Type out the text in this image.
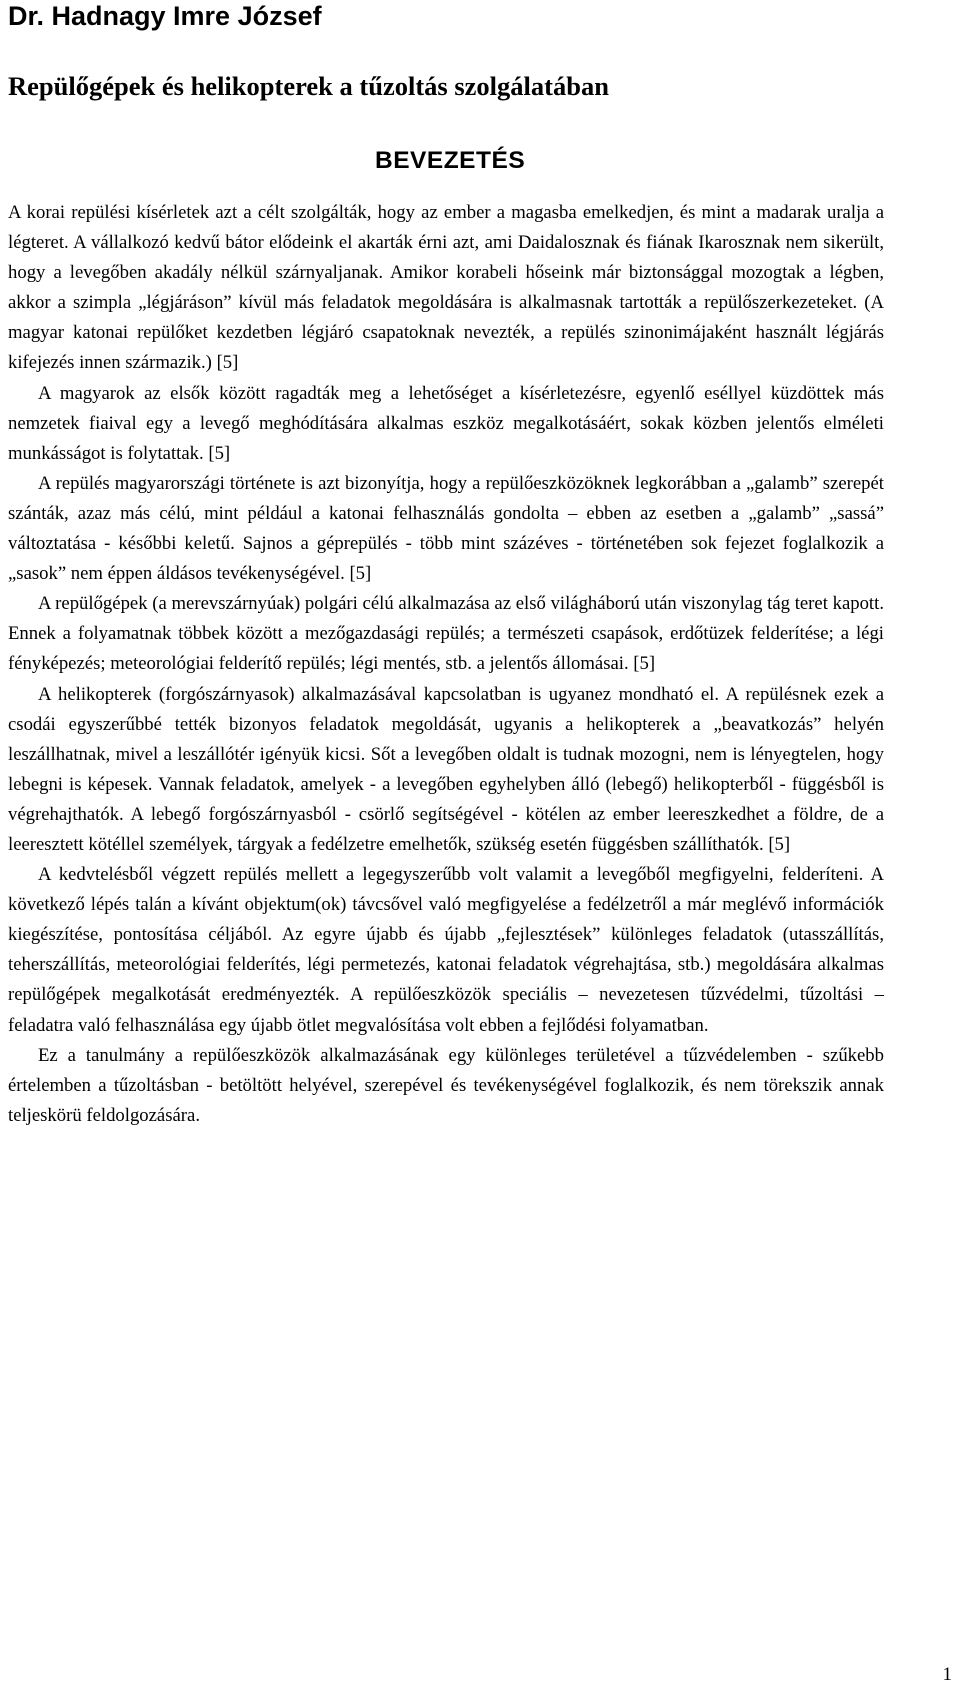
Dr. Hadnagy Imre József
Repülőgépek és helikopterek a tűzoltás szolgálatában
BEVEZETÉS

A korai repülési kísérletek azt a célt szolgálták, hogy az ember a magasba emelkedjen, és mint a madarak uralja a légteret. A vállalkozó kedvű bátor elődeink el akarták érni azt, ami Daidalosznak és fiának Ikarosznak nem sikerült, hogy a levegőben akadály nélkül szárnyaljanak. Amikor korabeli hőseink már biztonsággal mozogtak a légben, akkor a szimpla „légjáráson” kívül más feladatok megoldására is alkalmasnak tartották a repülőszerkezeteket. (A magyar katonai repülőket kezdetben légjáró csapatoknak nevezték, a repülés szinonimájaként használt légjárás kifejezés innen származik.) [5]

A magyarok az elsők között ragadták meg a lehetőséget a kísérletezésre, egyenlő eséllyel küzdöttek más nemzetek fiaival egy a levegő meghódítására alkalmas eszköz megalkotásáért, sokak közben jelentős elméleti munkásságot is folytattak. [5]

A repülés magyarországi története is azt bizonyítja, hogy a repülőeszközöknek legkorábban a „galamb” szerepét szánták, azaz más célú, mint például a katonai felhasználás gondolta – ebben az esetben a „galamb” „sassá” változtatása - későbbi keletű. Sajnos a géprepülés - több mint százéves - történetében sok fejezet foglalkozik a „sasok” nem éppen áldásos tevékenységével. [5]

A repülőgépek (a merevszárnyúak) polgári célú alkalmazása az első világháború után viszonylag tág teret kapott. Ennek a folyamatnak többek között a mezőgazdasági repülés; a természeti csapások, erdőtüzek felderítése; a légi fényképezés; meteorológiai felderítő repülés; légi mentés, stb. a jelentős állomásai. [5]

A helikopterek (forgószárnyasok) alkalmazásával kapcsolatban is ugyanez mondható el. A repülésnek ezek a csodái egyszerűbbé tették bizonyos feladatok megoldását, ugyanis a helikopterek a „beavatkozás” helyén leszállhatnak, mivel a leszállótér igényük kicsi. Sőt a levegőben oldalt is tudnak mozogni, nem is lényegtelen, hogy lebegni is képesek. Vannak feladatok, amelyek - a levegőben egyhelyben álló (lebegő) helikopterből - függésből is végrehajthatók. A lebegő forgószárnyasból - csörlő segítségével - kötélen az ember leereszkedhet a földre, de a leeresztett kötéllel személyek, tárgyak a fedélzetre emelhetők, szükség esetén függésben szállíthatók. [5]

A kedvtelésből végzett repülés mellett a legegyszerűbb volt valamit a levegőből megfigyelni, felderíteni. A következő lépés talán a kívánt objektum(ok) távcsővel való megfigyelése a fedélzetről a már meglévő információk kiegészítése, pontosítása céljából. Az egyre újabb és újabb „fejlesztések” különleges feladatok (utasszállítás, teherszállítás, meteorológiai felderítés, légi permetezés, katonai feladatok végrehajtása, stb.) megoldására alkalmas repülőgépek megalkotását eredményezték. A repülőeszközök speciális – nevezetesen tűzvédelmi, tűzoltási – feladatra való felhasználása egy újabb ötlet megvalósítása volt ebben a fejlődési folyamatban.

Ez a tanulmány a repülőeszközök alkalmazásának egy különleges területével a tűzvédelemben - szűkebb értelemben a tűzoltásban - betöltött helyével, szerepével és tevékenységével foglalkozik, és nem törekszik annak teljeskörü feldolgozására.

1
